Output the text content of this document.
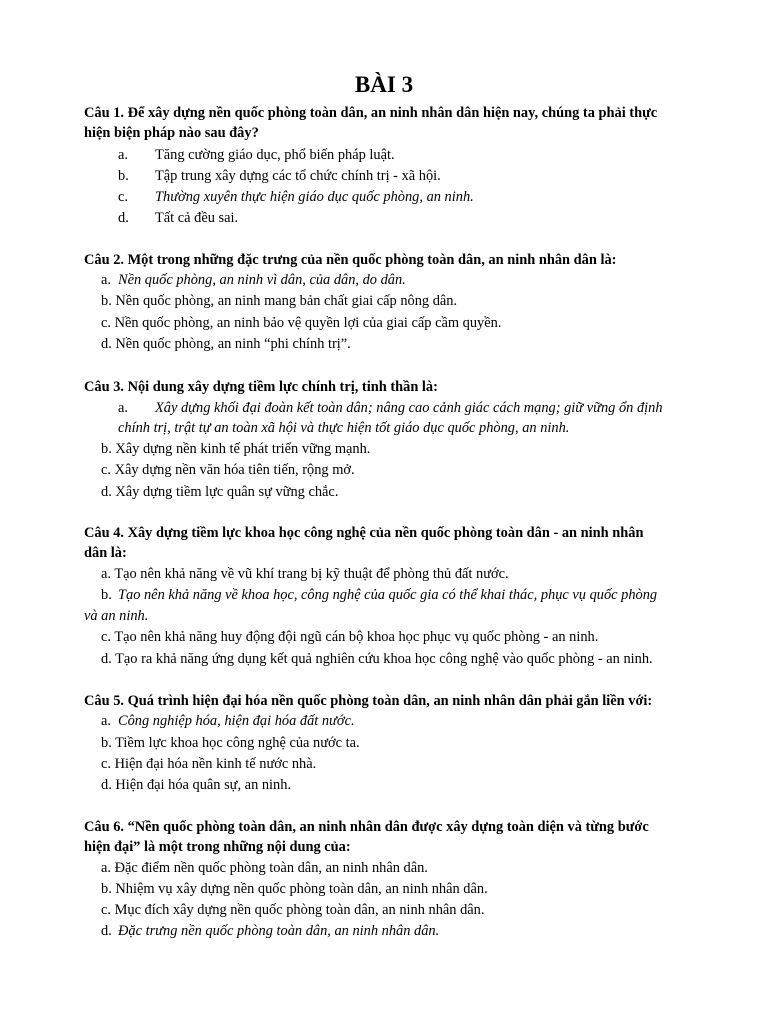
BÀI 3
Câu 1. Để xây dựng nền quốc phòng toàn dân, an ninh nhân dân hiện nay, chúng ta phải thực
hiện biện pháp nào sau đây?
a. Tăng cường giáo dục, phổ biến pháp luật.
b. Tập trung xây dựng các tổ chức chính trị - xã hội.
c. Thường xuyên thực hiện giáo dục quốc phòng, an ninh.
d. Tất cả đều sai.
Câu 2. Một trong những đặc trưng của nền quốc phòng toàn dân, an ninh nhân dân là:
a. Nền quốc phòng, an ninh vì dân, của dân, do dân.
b. Nền quốc phòng, an ninh mang bản chất giai cấp nông dân.
c. Nền quốc phòng, an ninh bảo vệ quyền lợi của giai cấp cầm quyền.
d. Nền quốc phòng, an ninh “phi chính trị”.
Câu 3. Nội dung xây dựng tiềm lực chính trị, tinh thần là:
a. Xây dựng khối đại đoàn kết toàn dân; nâng cao cảnh giác cách mạng; giữ vững ổn định
chính trị, trật tự an toàn xã hội và thực hiện tốt giáo dục quốc phòng, an ninh.
b. Xây dựng nền kinh tế phát triển vững mạnh.
c. Xây dựng nền văn hóa tiên tiến, rộng mở.
d. Xây dựng tiềm lực quân sự vững chắc.
Câu 4. Xây dựng tiềm lực khoa học công nghệ của nền quốc phòng toàn dân - an ninh nhân
dân là:
a. Tạo nên khả năng về vũ khí trang bị kỹ thuật để phòng thủ đất nước.
b. Tạo nên khả năng về khoa học, công nghệ của quốc gia có thể khai thác, phục vụ quốc phòng
và an ninh.
c. Tạo nên khả năng huy động đội ngũ cán bộ khoa học phục vụ quốc phòng - an ninh.
d. Tạo ra khả năng ứng dụng kết quả nghiên cứu khoa học công nghệ vào quốc phòng - an ninh.
Câu 5. Quá trình hiện đại hóa nền quốc phòng toàn dân, an ninh nhân dân phải gắn liền với:
a. Công nghiệp hóa, hiện đại hóa đất nước.
b. Tiềm lực khoa học công nghệ của nước ta.
c. Hiện đại hóa nền kinh tế nước nhà.
d. Hiện đại hóa quân sự, an ninh.
Câu 6. “Nền quốc phòng toàn dân, an ninh nhân dân được xây dựng toàn diện và từng bước
hiện đại” là một trong những nội dung của:
a. Đặc điểm nền quốc phòng toàn dân, an ninh nhân dân.
b. Nhiệm vụ xây dựng nền quốc phòng toàn dân, an ninh nhân dân.
c. Mục đích xây dựng nền quốc phòng toàn dân, an ninh nhân dân.
d. Đặc trưng nền quốc phòng toàn dân, an ninh nhân dân.
